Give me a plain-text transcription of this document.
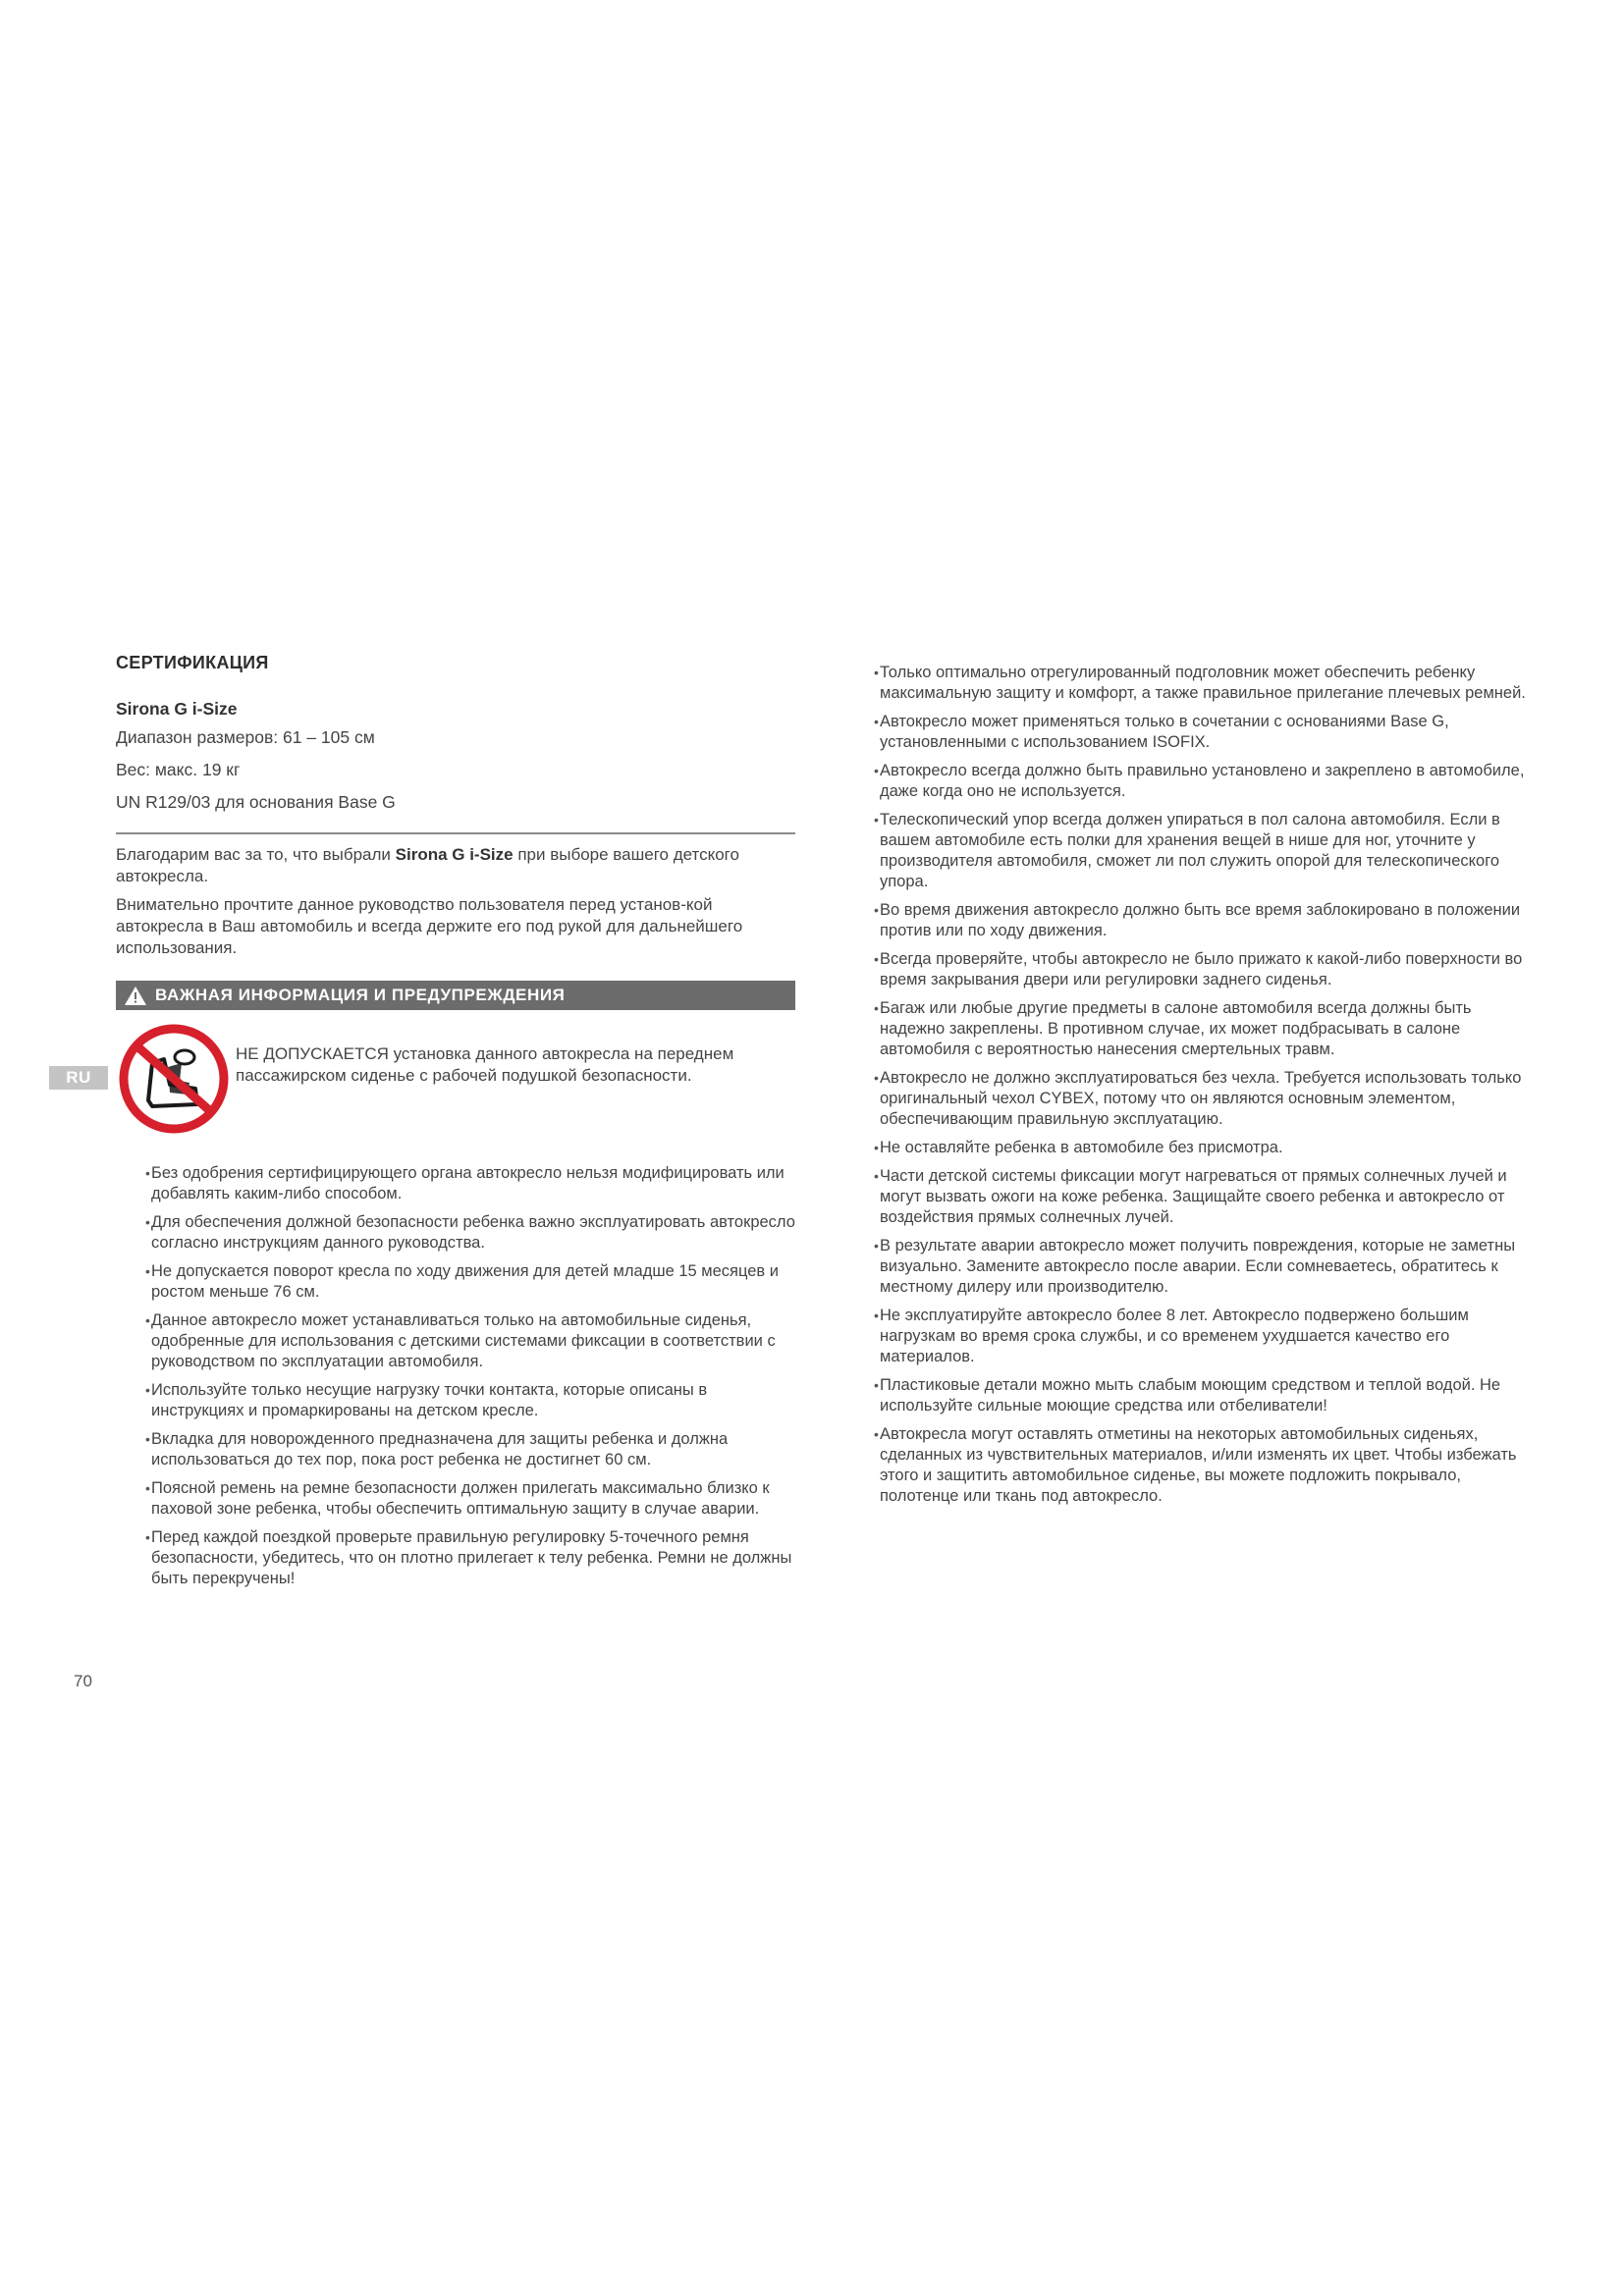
СЕРТИФИКАЦИЯ
Sirona G i-Size
Диапазон размеров: 61 – 105 см
Вес: макс. 19 кг
UN R129/03 для основания Base G

Благодарим вас за то, что выбрали Sirona G i-Size при выборе вашего детского автокресла.

Внимательно прочтите данное руководство пользователя перед установ-кой автокресла в Ваш автомобиль и всегда держите его под рукой для дальнейшего использования.

ВАЖНАЯ ИНФОРМАЦИЯ И ПРЕДУПРЕЖДЕНИЯ
НЕ ДОПУСКАЕТСЯ установка данного автокресла на переднем пассажирском сиденье с рабочей подушкой безопасности.
• Без одобрения сертифицирующего органа автокресло нельзя модифицировать или добавлять каким-либо способом.
• Для обеспечения должной безопасности ребенка важно эксплуатировать автокресло согласно инструкциям данного руководства.
• Не допускается поворот кресла по ходу движения для детей младше 15 месяцев и ростом меньше 76 см.
• Данное автокресло может устанавливаться только на автомобильные сиденья, одобренные для использования с детскими системами фиксации в соответствии с руководством по эксплуатации автомобиля.
• Используйте только несущие нагрузку точки контакта, которые описаны в инструкциях и промаркированы на детском кресле.
• Вкладка для новорожденного предназначена для защиты ребенка и должна использоваться до тех пор, пока рост ребенка не достигнет 60 см.
• Поясной ремень на ремне безопасности должен прилегать максимально близко к паховой зоне ребенка, чтобы обеспечить оптимальную защиту в случае аварии.
• Перед каждой поездкой проверьте правильную регулировку 5-точечного ремня безопасности, убедитесь, что он плотно прилегает к телу ребенка. Ремни не должны быть перекручены!
• Только оптимально отрегулированный подголовник может обеспечить ребенку максимальную защиту и комфорт, а также правильное прилегание плечевых ремней.
• Автокресло может применяться только в сочетании с основаниями Base G, установленными с использованием ISOFIX.
• Автокресло всегда должно быть правильно установлено и закреплено в автомобиле, даже когда оно не используется.
• Телескопический упор всегда должен упираться в пол салона автомобиля. Если в вашем автомобиле есть полки для хранения вещей в нише для ног, уточните у производителя автомобиля, сможет ли пол служить опорой для телескопического упора.
• Во время движения автокресло должно быть все время заблокировано в положении против или по ходу движения.
• Всегда проверяйте, чтобы автокресло не было прижато к какой-либо поверхности во время закрывания двери или регулировки заднего сиденья.
• Багаж или любые другие предметы в салоне автомобиля всегда должны быть надежно закреплены. В противном случае, их может подбрасывать в салоне автомобиля с вероятностью нанесения смертельных травм.
• Автокресло не должно эксплуатироваться без чехла. Требуется использовать только оригинальный чехол CYBEX, потому что он являются основным элементом, обеспечивающим правильную эксплуатацию.
• Не оставляйте ребенка в автомобиле без присмотра.
• Части детской системы фиксации могут нагреваться от прямых солнечных лучей и могут вызвать ожоги на коже ребенка. Защищайте своего ребенка и автокресло от воздействия прямых солнечных лучей.
• В результате аварии автокресло может получить повреждения, которые не заметны визуально. Замените автокресло после аварии. Если сомневаетесь, обратитесь к местному дилеру или производителю.
• Не эксплуатируйте автокресло более 8 лет. Автокресло подвержено большим нагрузкам во время срока службы, и со временем ухудшается качество его материалов.
• Пластиковые детали можно мыть слабым моющим средством и теплой водой. Не используйте сильные моющие средства или отбеливатели!
• Автокресла могут оставлять отметины на некоторых автомобильных сиденьях, сделанных из чувствительных материалов, и/или изменять их цвет. Чтобы избежать этого и защитить автомобильное сиденье, вы можете подложить покрывало, полотенце или ткань под автокресло.
RU
70
